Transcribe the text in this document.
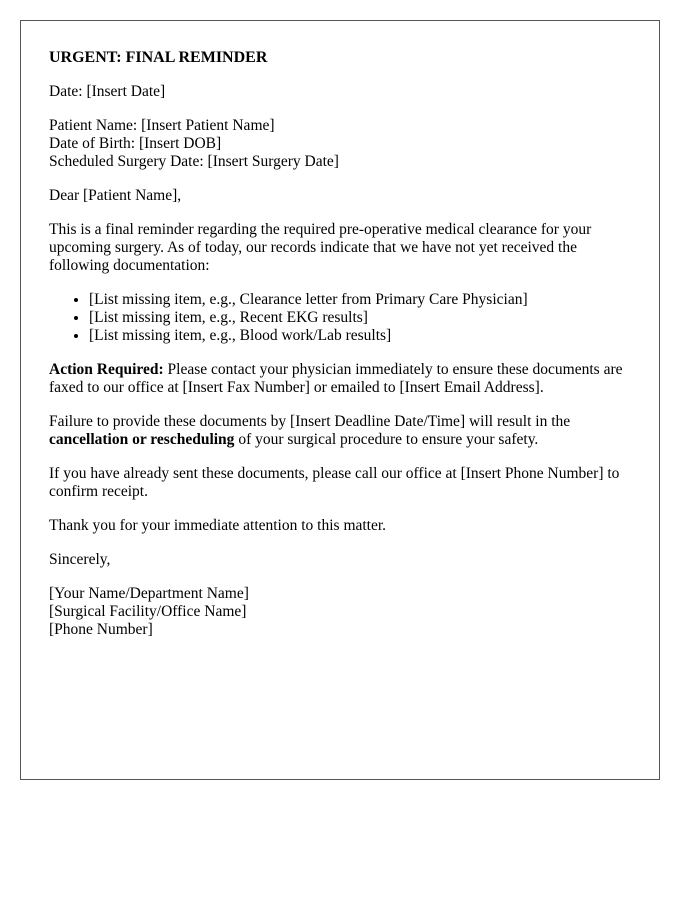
URGENT: FINAL REMINDER

Date: [Insert Date]

Patient Name: [Insert Patient Name]
Date of Birth: [Insert DOB]
Scheduled Surgery Date: [Insert Surgery Date]

Dear [Patient Name],

This is a final reminder regarding the required pre-operative medical clearance for your upcoming surgery. As of today, our records indicate that we have not yet received the following documentation:

• [List missing item, e.g., Clearance letter from Primary Care Physician]
• [List missing item, e.g., Recent EKG results]
• [List missing item, e.g., Blood work/Lab results]

Action Required: Please contact your physician immediately to ensure these documents are faxed to our office at [Insert Fax Number] or emailed to [Insert Email Address].

Failure to provide these documents by [Insert Deadline Date/Time] will result in the cancellation or rescheduling of your surgical procedure to ensure your safety.

If you have already sent these documents, please call our office at [Insert Phone Number] to confirm receipt.

Thank you for your immediate attention to this matter.

Sincerely,

[Your Name/Department Name]
[Surgical Facility/Office Name]
[Phone Number]
